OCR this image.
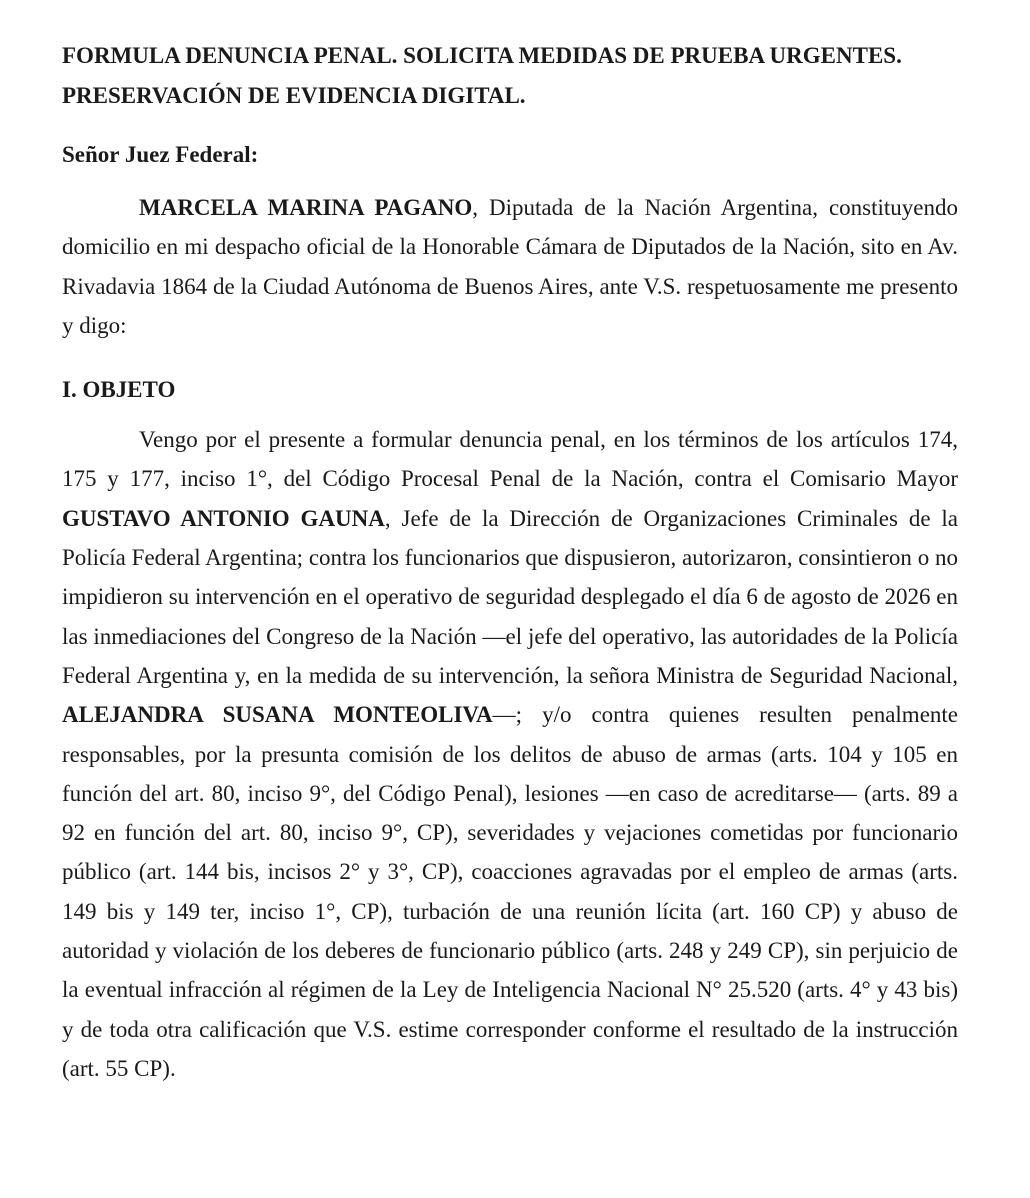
FORMULA DENUNCIA PENAL. SOLICITA MEDIDAS DE PRUEBA URGENTES. PRESERVACIÓN DE EVIDENCIA DIGITAL.

Señor Juez Federal:

MARCELA MARINA PAGANO, Diputada de la Nación Argentina, constituyendo domicilio en mi despacho oficial de la Honorable Cámara de Diputados de la Nación, sito en Av. Rivadavia 1864 de la Ciudad Autónoma de Buenos Aires, ante V.S. respetuosamente me presento y digo:

I. OBJETO

Vengo por el presente a formular denuncia penal, en los términos de los artículos 174, 175 y 177, inciso 1°, del Código Procesal Penal de la Nación, contra el Comisario Mayor GUSTAVO ANTONIO GAUNA, Jefe de la Dirección de Organizaciones Criminales de la Policía Federal Argentina; contra los funcionarios que dispusieron, autorizaron, consintieron o no impidieron su intervención en el operativo de seguridad desplegado el día 6 de agosto de 2026 en las inmediaciones del Congreso de la Nación —el jefe del operativo, las autoridades de la Policía Federal Argentina y, en la medida de su intervención, la señora Ministra de Seguridad Nacional, ALEJANDRA SUSANA MONTEOLIVA—; y/o contra quienes resulten penalmente responsables, por la presunta comisión de los delitos de abuso de armas (arts. 104 y 105 en función del art. 80, inciso 9°, del Código Penal), lesiones —en caso de acreditarse— (arts. 89 a 92 en función del art. 80, inciso 9°, CP), severidades y vejaciones cometidas por funcionario público (art. 144 bis, incisos 2° y 3°, CP), coacciones agravadas por el empleo de armas (arts. 149 bis y 149 ter, inciso 1°, CP), turbación de una reunión lícita (art. 160 CP) y abuso de autoridad y violación de los deberes de funcionario público (arts. 248 y 249 CP), sin perjuicio de la eventual infracción al régimen de la Ley de Inteligencia Nacional N° 25.520 (arts. 4° y 43 bis) y de toda otra calificación que V.S. estime corresponder conforme el resultado de la instrucción (art. 55 CP).
